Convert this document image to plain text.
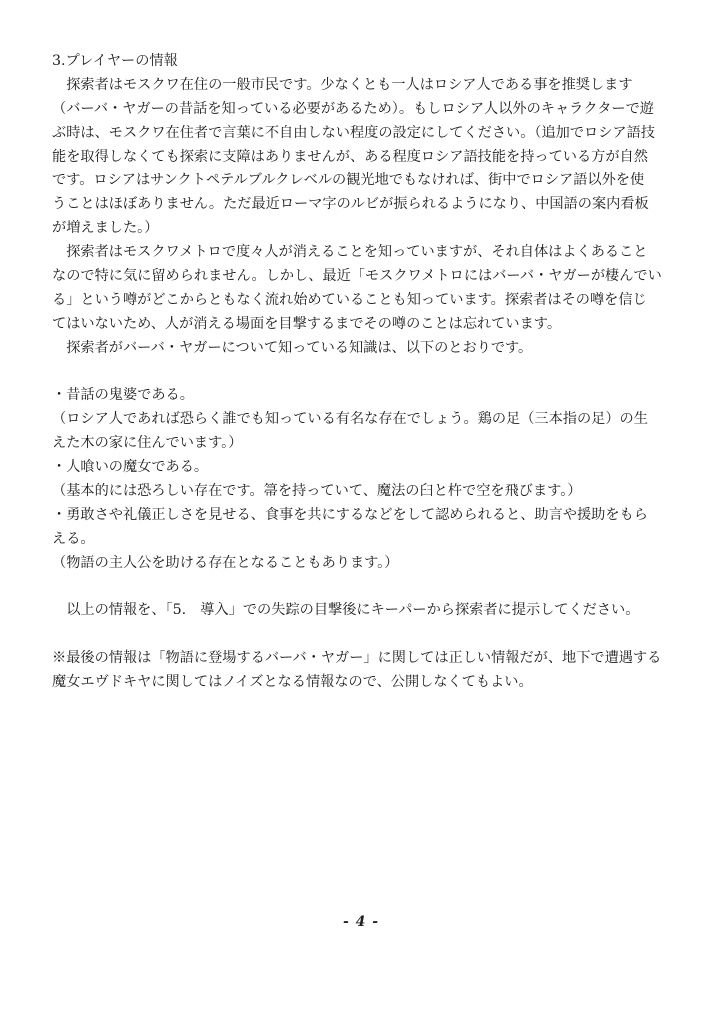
3.プレイヤーの情報
　探索者はモスクワ在住の一般市民です。少なくとも一人はロシア人である事を推奨します
（バーバ・ヤガーの昔話を知っている必要があるため）。もしロシア人以外のキャラクターで遊
ぶ時は、モスクワ在住者で言葉に不自由しない程度の設定にしてください。（追加でロシア語技
能を取得しなくても探索に支障はありませんが、ある程度ロシア語技能を持っている方が自然
です。ロシアはサンクトペテルブルクレベルの観光地でもなければ、街中でロシア語以外を使
うことはほぼありません。ただ最近ローマ字のルビが振られるようになり、中国語の案内看板
が増えました。）
　探索者はモスクワメトロで度々人が消えることを知っていますが、それ自体はよくあること
なので特に気に留められません。しかし、最近「モスクワメトロにはバーバ・ヤガーが棲んでい
る」という噂がどこからともなく流れ始めていることも知っています。探索者はその噂を信じ
てはいないため、人が消える場面を目撃するまでその噂のことは忘れています。
　探索者がバーバ・ヤガーについて知っている知識は、以下のとおりです。
・昔話の鬼婆である。
（ロシア人であれば恐らく誰でも知っている有名な存在でしょう。鶏の足（三本指の足）の生
えた木の家に住んでいます。）
・人喰いの魔女である。
（基本的には恐ろしい存在です。箒を持っていて、魔法の臼と杵で空を飛びます。）
・勇敢さや礼儀正しさを見せる、食事を共にするなどをして認められると、助言や援助をもら
える。
（物語の主人公を助ける存在となることもあります。）
　以上の情報を、「5.　導入」での失踪の目撃後にキーパーから探索者に提示してください。
※最後の情報は「物語に登場するバーバ・ヤガー」に関しては正しい情報だが、地下で遭遇する
魔女エヴドキヤに関してはノイズとなる情報なので、公開しなくてもよい。
- 4 -
